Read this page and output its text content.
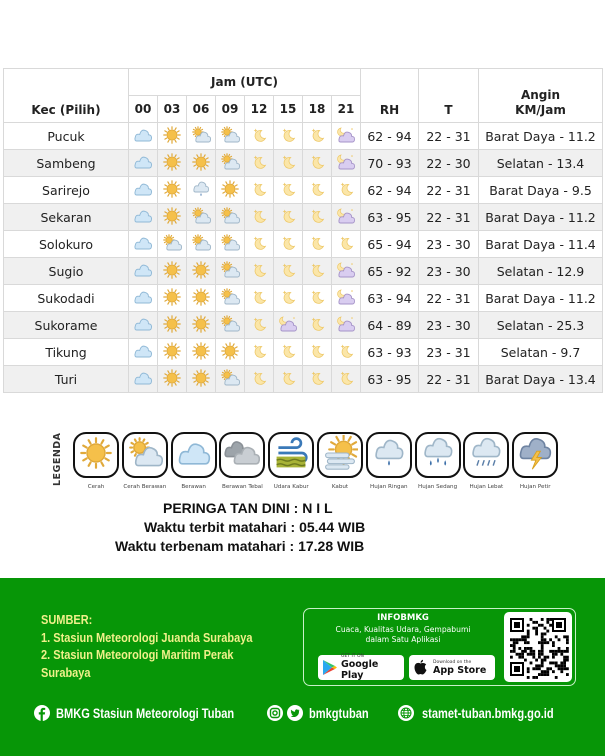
Kec (Pilih)	Jam (UTC)								RH	T	Angin
KM/Jam
	00	03	06	09	12	15	18	21			
Pucuk									62 - 94	22 - 31	Barat Daya - 11.2
Sambeng									70 - 93	22 - 30	Selatan - 13.4
Sarirejo									62 - 94	22 - 31	Barat Daya - 9.5
Sekaran									63 - 95	22 - 31	Barat Daya - 11.2
Solokuro									65 - 94	23 - 30	Barat Daya - 11.4
Sugio									65 - 92	23 - 30	Selatan - 12.9
Sukodadi									63 - 94	22 - 31	Barat Daya - 11.2
Sukorame									64 - 89	23 - 30	Selatan - 25.3
Tikung									63 - 93	23 - 31	Selatan - 9.7
Turi									63 - 95	22 - 31	Barat Daya - 13.4
LEGENDA
Cerah	Cerah Berawan	Berawan	Berawan Tebal	Udara Kabur	Kabut	Hujan Ringan	Hujan Sedang	Hujan Lebat	Hujan Petir
PERINGA TAN DINI : N I L
Waktu terbit matahari : 05.44 WIB
Waktu terbenam matahari : 17.28 WIB
SUMBER:
1. Stasiun Meteorologi Juanda Surabaya
2. Stasiun Meteorologi Maritim Perak
Surabaya
INFOBMKG
Cuaca, Kualitas Udara, Gempabumi
dalam Satu Aplikasi
GET IT ON
Google Play
Download on the
App Store
BMKG Stasiun Meteorologi Tuban	bmkgtuban	stamet-tuban.bmkg.go.id
